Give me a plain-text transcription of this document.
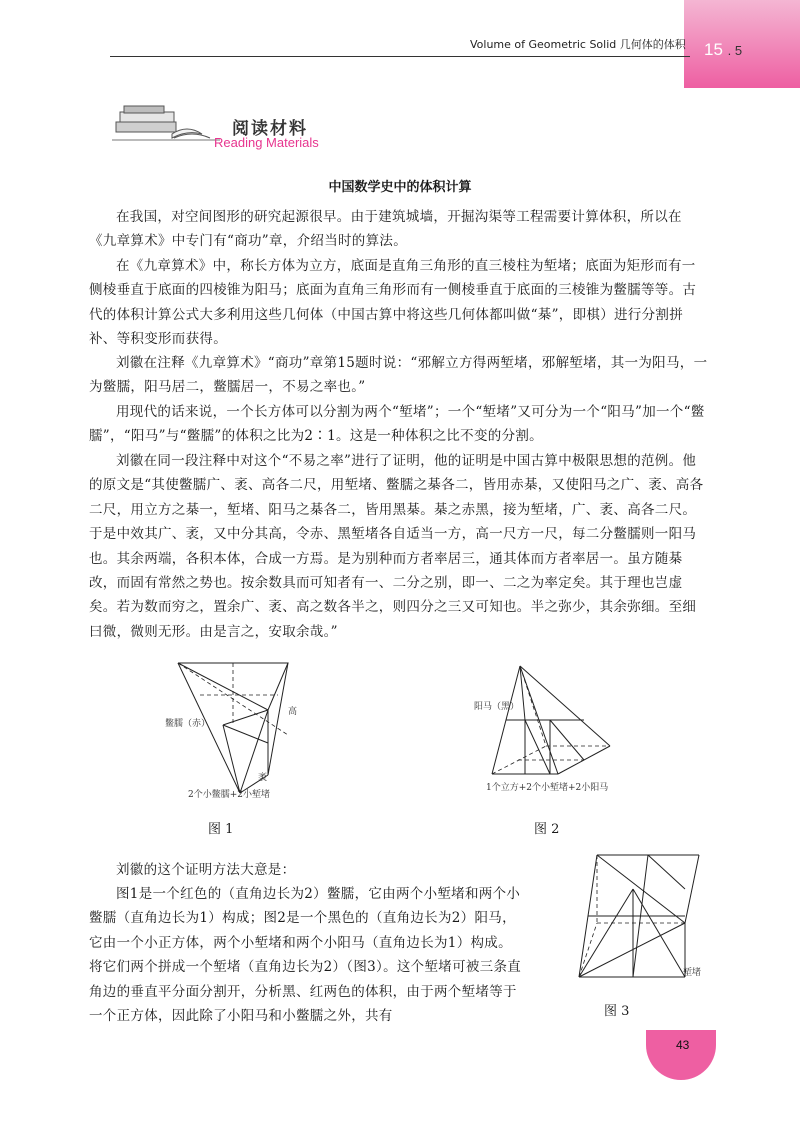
Volume of Geometric Solid 几何体的体积 15 . 5
阅读材料
Reading Materials
中国数学史中的体积计算

在我国，对空间图形的研究起源很早。由于建筑城墙，开掘沟渠等工程需要计算体积，所以在《九章算术》中专门有“商功”章，介绍当时的算法。

在《九章算术》中，称长方体为立方，底面是直角三角形的直三棱柱为堑堵；底面为矩形而有一侧棱垂直于底面的四棱锥为阳马；底面为直角三角形而有一侧棱垂直于底面的三棱锥为鳖臑等等。古代的体积计算公式大多利用这些几何体（中国古算中将这些几何体都叫做“棊”，即棋）进行分割拼补、等积变形而获得。

刘徽在注释《九章算术》“商功”章第15题时说：“邪解立方得两堑堵，邪解堑堵，其一为阳马，一为鳖臑，阳马居二，鳖臑居一，不易之率也。”

用现代的话来说，一个长方体可以分割为两个“堑堵”；一个“堑堵”又可分为一个“阳马”加一个“鳖臑”，“阳马”与“鳖臑”的体积之比为2∶1。这是一种体积之比不变的分割。

刘徽在同一段注释中对这个“不易之率”进行了证明，他的证明是中国古算中极限思想的范例。他的原文是“其使鳖臑广、袤、高各二尺，用堑堵、鳖臑之棊各二，皆用赤棊，又使阳马之广、袤、高各二尺，用立方之棊一，堑堵、阳马之棊各二，皆用黑棊。棊之赤黑，接为堑堵，广、袤、高各二尺。于是中效其广、袤，又中分其高，令赤、黑堑堵各自适当一方，高一尺方一尺，每二分鳖臑则一阳马也。其余两端，各积本体，合成一方焉。是为别种而方者率居三，通其体而方者率居一。虽方随棊改，而固有常然之势也。按余数具而可知者有一、二分之别，即一、二之为率定矣。其于理也岂虚矣。若为数而穷之，置余广、袤、高之数各半之，则四分之三又可知也。半之弥少，其余弥细。至细曰微，微则无形。由是言之，安取余哉。”

鳖臑（赤）
高
袤
2个小鳖臑+2小堑堵
图 1
阳马（黑）
1个立方+2个小堑堵+2小阳马
图 2

刘徽的这个证明方法大意是：

图1是一个红色的（直角边长为2）鳖臑，它由两个小堑堵和两个小鳖臑（直角边长为1）构成；图2是一个黑色的（直角边长为2）阳马，它由一个小正方体，两个小堑堵和两个小阳马（直角边长为1）构成。将它们两个拼成一个堑堵（直角边长为2）（图3）。这个堑堵可被三条直角边的垂直平分面分割开，分析黑、红两色的体积，由于两个堑堵等于一个正方体，因此除了小阳马和小鳖臑之外，共有

堑堵
图 3
43
